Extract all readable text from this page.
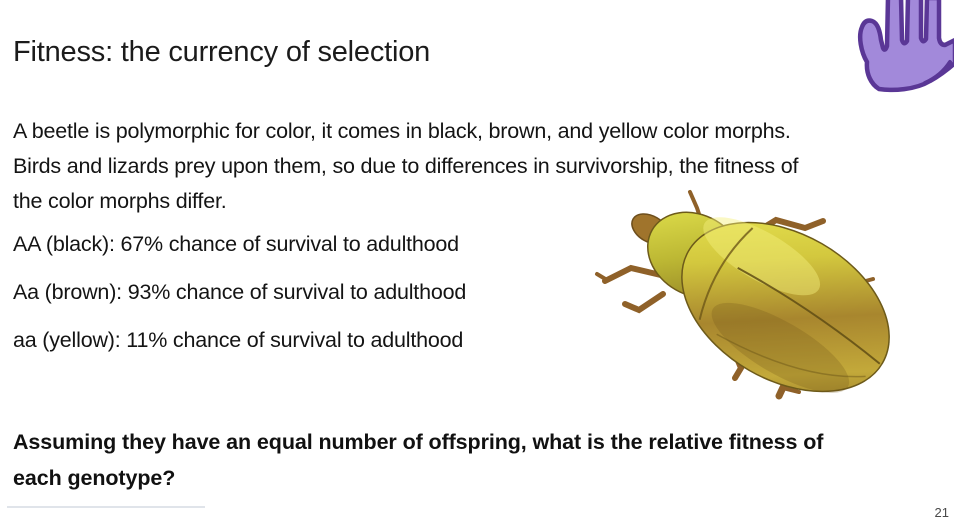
Fitness: the currency of selection
A beetle is polymorphic for color, it comes in black, brown, and yellow color morphs.
Birds and lizards prey upon them, so due to differences in survivorship, the fitness of
the color morphs differ.
AA (black): 67% chance of survival to adulthood
Aa (brown): 93% chance of survival to adulthood
aa (yellow): 11% chance of survival to adulthood
Assuming they have an equal number of offspring, what is the relative fitness of
each genotype?
21
